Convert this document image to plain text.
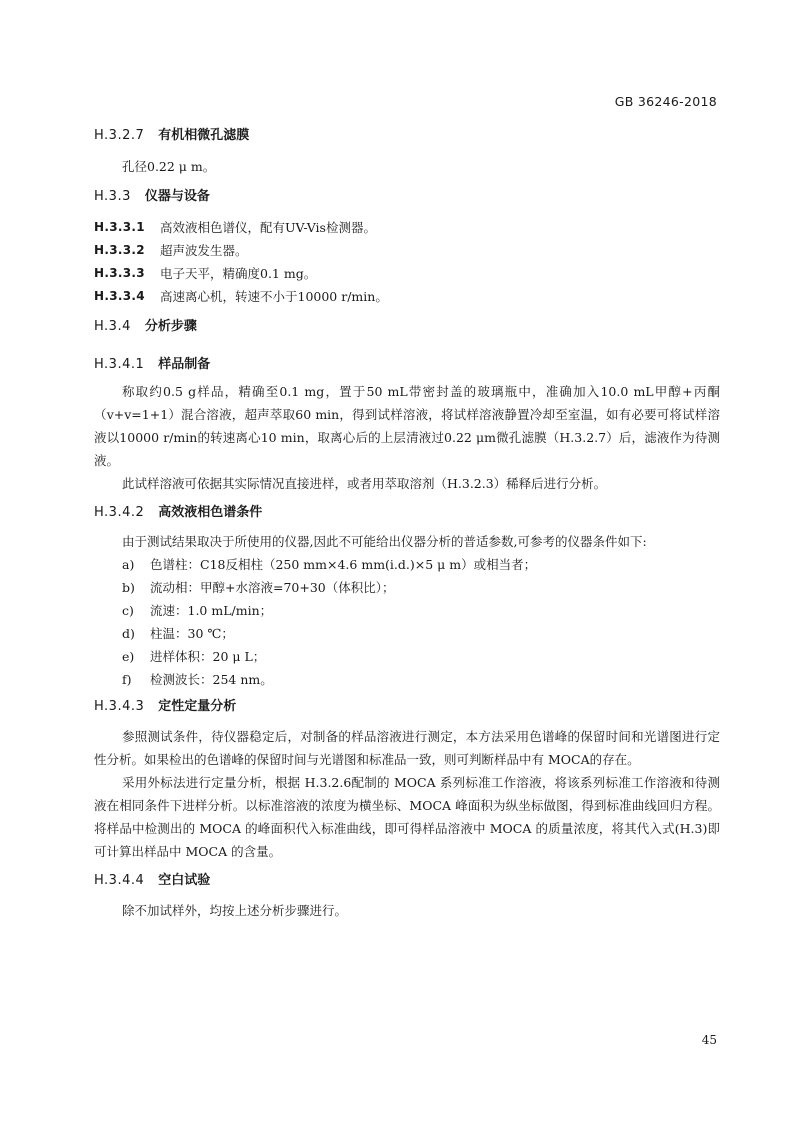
GB 36246-2018

H.3.2.7 有机相微孔滤膜

孔径0.22 μ m。

H.3.3 仪器与设备

H.3.3.1	高效液相色谱仪，配有UV-Vis检测器。
H.3.3.2	超声波发生器。
H.3.3.3	电子天平，精确度0.1 mg。
H.3.3.4	高速离心机，转速不小于10000 r/min。

H.3.4 分析步骤

H.3.4.1 样品制备

称取约0.5 g样品，精确至0.1 mg，置于50 mL带密封盖的玻璃瓶中，准确加入10.0 mL甲醇+丙酮（v+v=1+1）混合溶液，超声萃取60 min，得到试样溶液，将试样溶液静置冷却至室温，如有必要可将试样溶液以10000 r/min的转速离心10 min，取离心后的上层清液过0.22 μm微孔滤膜（H.3.2.7）后，滤液作为待测液。

此试样溶液可依据其实际情况直接进样，或者用萃取溶剂（H.3.2.3）稀释后进行分析。

H.3.4.2 高效液相色谱条件

由于测试结果取决于所使用的仪器,因此不可能给出仪器分析的普适参数,可参考的仪器条件如下:

a)	色谱柱：C18反相柱（250 mm×4.6 mm(i.d.)×5 μ m）或相当者；
b)	流动相：甲醇+水溶液=70+30（体积比）；
c)	流速：1.0 mL/min；
d)	柱温：30 ℃；
e)	进样体积：20 μ L；
f)	检测波长：254 nm。

H.3.4.3 定性定量分析

参照测试条件，待仪器稳定后，对制备的样品溶液进行测定，本方法采用色谱峰的保留时间和光谱图进行定性分析。如果检出的色谱峰的保留时间与光谱图和标准品一致，则可判断样品中有 MOCA的存在。

采用外标法进行定量分析，根据 H.3.2.6配制的 MOCA 系列标准工作溶液，将该系列标准工作溶液和待测液在相同条件下进样分析。以标准溶液的浓度为横坐标、MOCA 峰面积为纵坐标做图，得到标准曲线回归方程。将样品中检测出的 MOCA 的峰面积代入标准曲线，即可得样品溶液中 MOCA 的质量浓度，将其代入式(H.3)即可计算出样品中 MOCA 的含量。

H.3.4.4 空白试验

除不加试样外，均按上述分析步骤进行。

45
